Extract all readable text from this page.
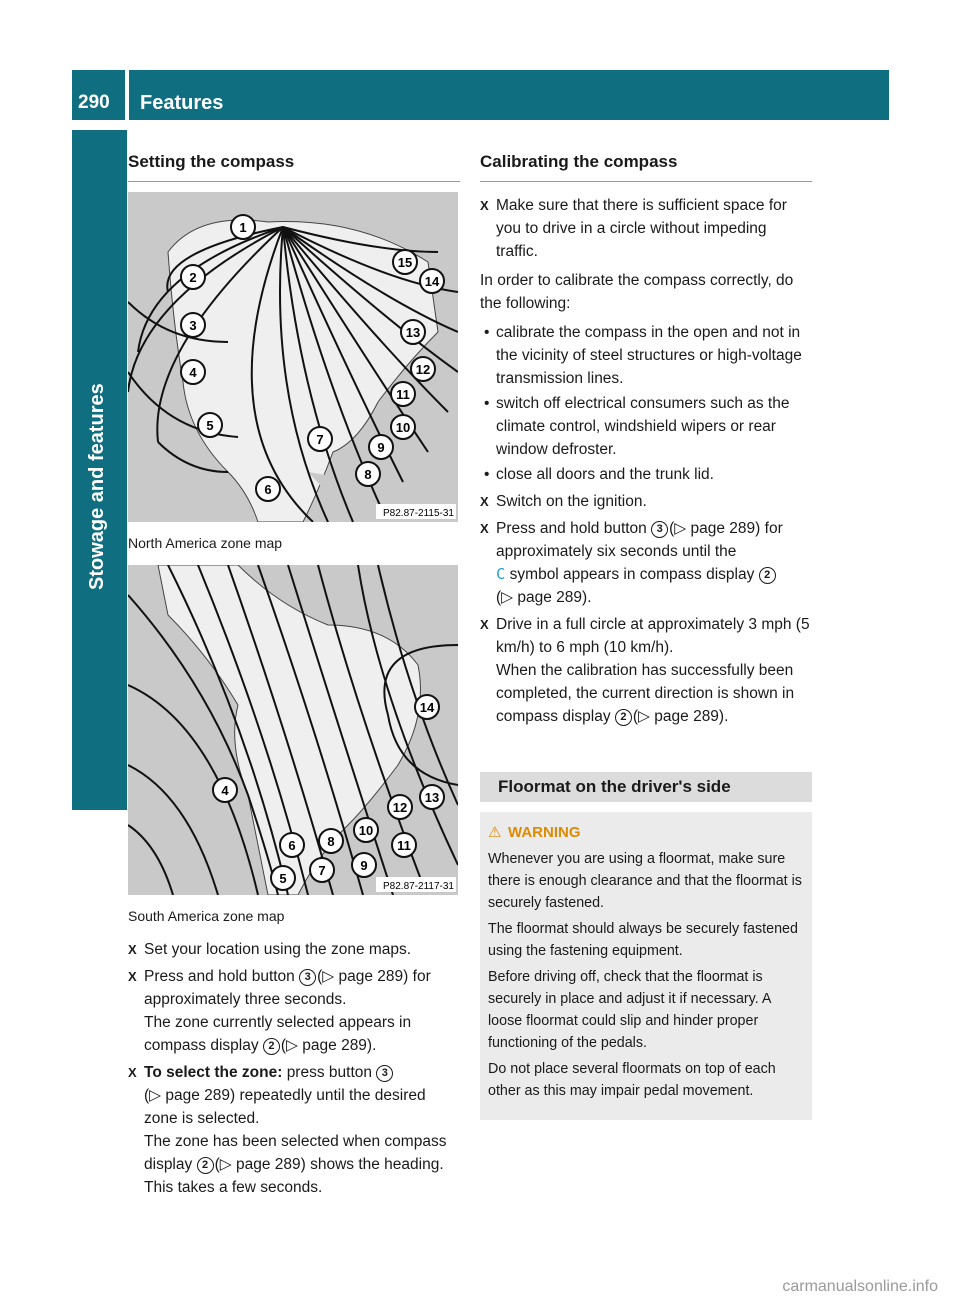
290 Features
Stowage and features
Setting the compass
1
2
3
4
5
6
7
8
9
10
11
12
13
14
15
P82.87-2115-31
North America zone map
4
5
6
7
8
9
10
11
12
13
14
P82.87-2117-31
South America zone map
X Set your location using the zone maps.
X Press and hold button 3 (▷ page 289) for approximately three seconds.
The zone currently selected appears in compass display 2 (▷ page 289).
X To select the zone: press button 3(▷ page 289) repeatedly until the desired zone is selected.
The zone has been selected when compass display 2 (▷ page 289) shows the heading.
This takes a few seconds.
Calibrating the compass
X Make sure that there is sufficient space for you to drive in a circle without impeding traffic.

In order to calibrate the compass correctly, do the following:

• calibrate the compass in the open and not in the vicinity of steel structures or high-voltage transmission lines.
• switch off electrical consumers such as the climate control, windshield wipers or rear window defroster.
• close all doors and the trunk lid.
X Switch on the ignition.
X Press and hold button 3 (▷ page 289) for approximately six seconds until the
C symbol appears in compass display 2
(▷ page 289).
X Drive in a full circle at approximately 3 mph (5 km/h) to 6 mph (10 km/h).
When the calibration has successfully been completed, the current direction is shown in compass display 2 (▷ page 289).
Floormat on the driver's side
⚠ WARNING

Whenever you are using a floormat, make sure there is enough clearance and that the floormat is securely fastened.

The floormat should always be securely fastened using the fastening equipment.

Before driving off, check that the floormat is securely in place and adjust it if necessary. A loose floormat could slip and hinder proper functioning of the pedals.

Do not place several floormats on top of each other as this may impair pedal movement.

carmanualsonline.info
